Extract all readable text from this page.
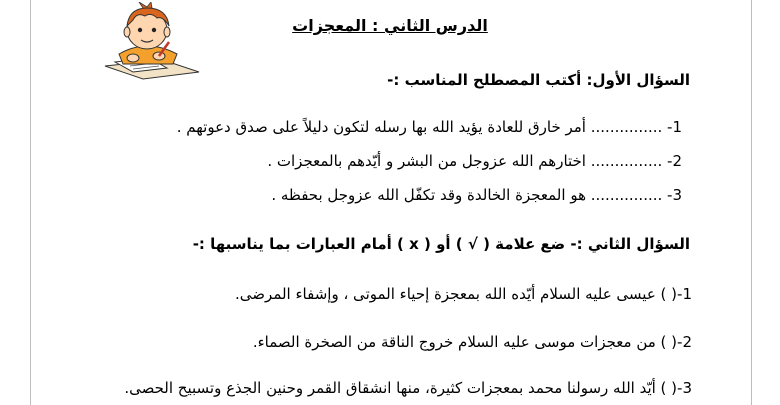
الدرس الثاني : المعجزات
السؤال الأول: أكتب المصطلح المناسب :-
1- ............... أمر خارق للعادة يؤيد الله بها رسله لتكون دليلاً على صدق دعوتهم .
2- ............... اختارهم الله عزوجل من البشر و أيّدهم بالمعجزات .
3- ............... هو المعجزة الخالدة وقد تكفّل الله عزوجل بحفظه .
السؤال الثاني :- ضع علامة ( √ ) أو ( x ) أمام العبارات بما يناسبها :-
1-( ) عيسى عليه السلام أيّده الله بمعجزة إحياء الموتى ، وإشفاء المرضى.
2-( ) من معجزات موسى عليه السلام خروج الناقة من الصخرة الصماء.
3-( ) أيّد الله رسولنا محمد بمعجزات كثيرة، منها انشقاق القمر وحنين الجذع وتسبيح الحصى.
